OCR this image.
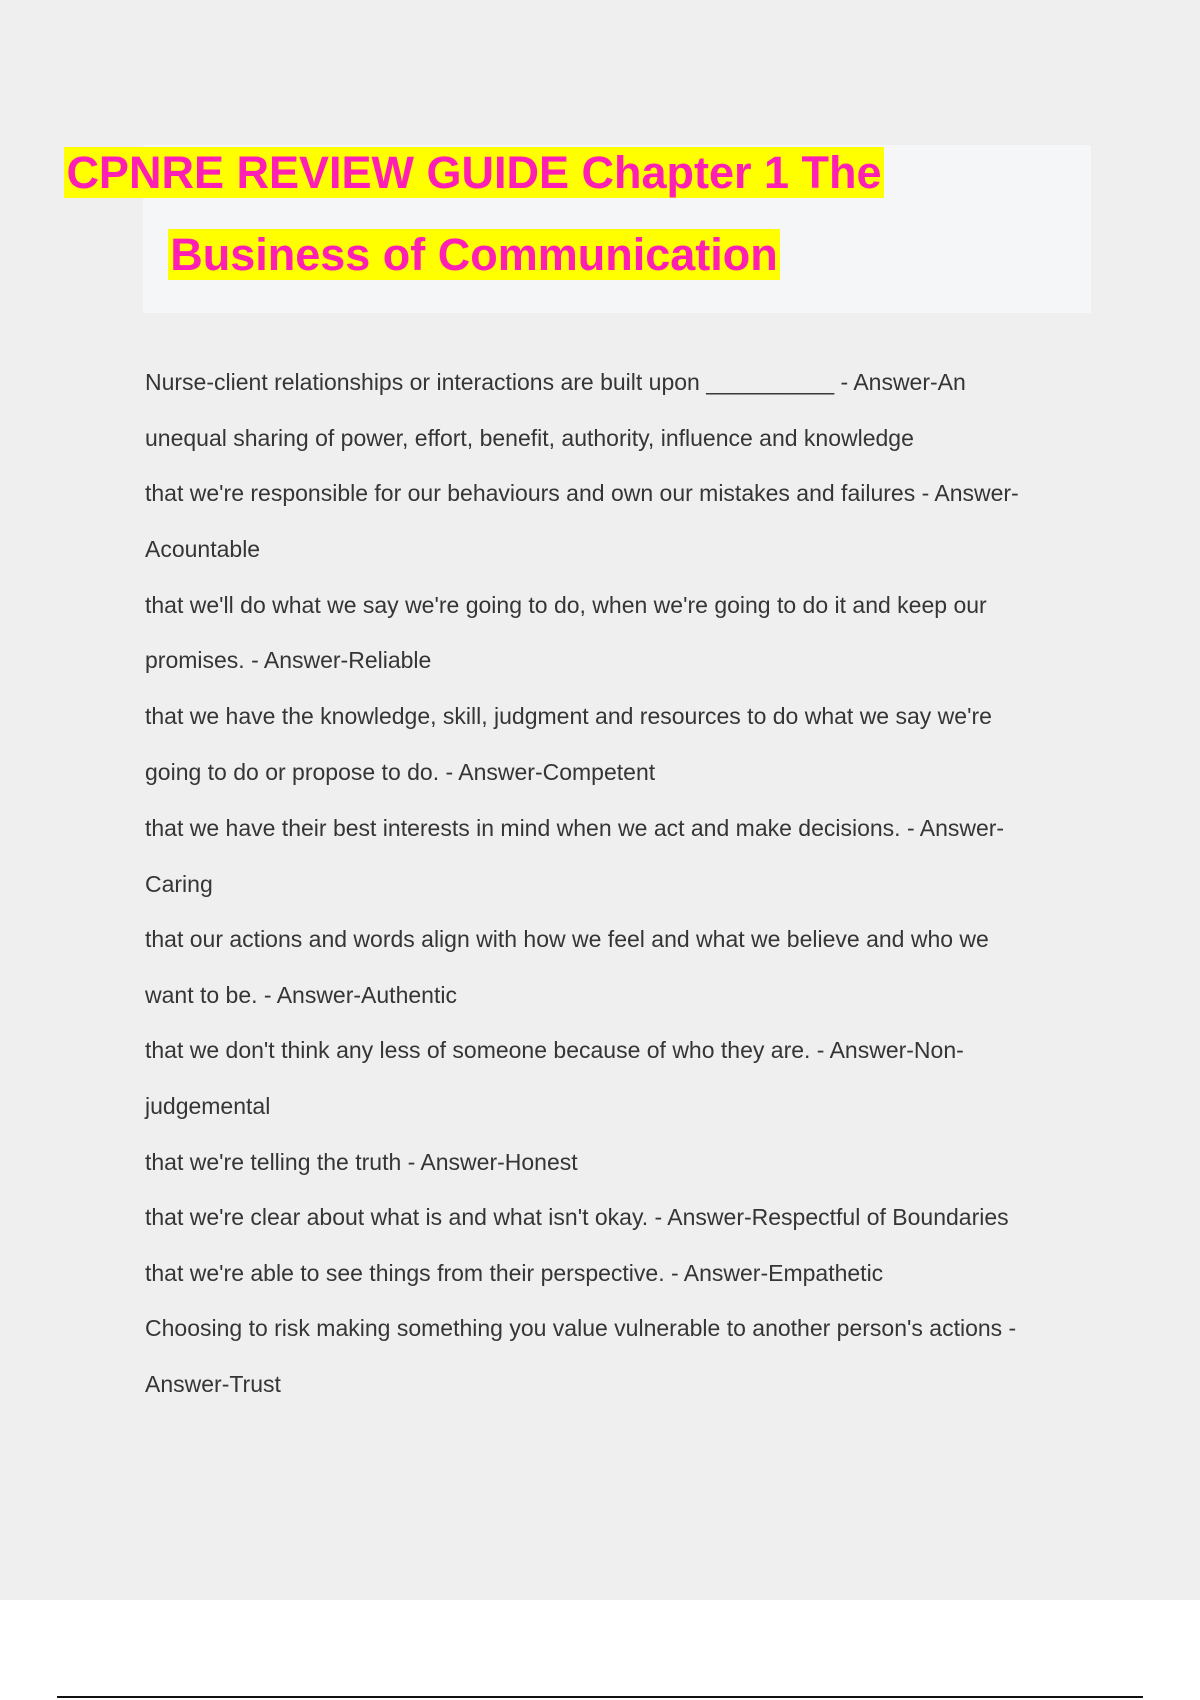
CPNRE REVIEW GUIDE Chapter 1 The
Business of Communication
Nurse-client relationships or interactions are built upon __________ - Answer-An
unequal sharing of power, effort, benefit, authority, influence and knowledge
that we're responsible for our behaviours and own our mistakes and failures - Answer-
Acountable
that we'll do what we say we're going to do, when we're going to do it and keep our
promises. - Answer-Reliable
that we have the knowledge, skill, judgment and resources to do what we say we're
going to do or propose to do. - Answer-Competent
that we have their best interests in mind when we act and make decisions. - Answer-
Caring
that our actions and words align with how we feel and what we believe and who we
want to be. - Answer-Authentic
that we don't think any less of someone because of who they are. - Answer-Non-
judgemental
that we're telling the truth - Answer-Honest
that we're clear about what is and what isn't okay. - Answer-Respectful of Boundaries
that we're able to see things from their perspective. - Answer-Empathetic
Choosing to risk making something you value vulnerable to another person's actions -
Answer-Trust
